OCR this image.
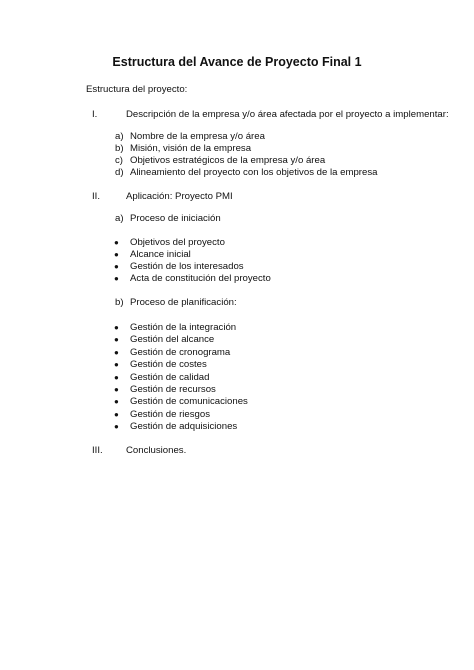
Estructura del Avance de Proyecto Final 1
Estructura del proyecto:
I.	Descripción de la empresa y/o área afectada por el proyecto a implementar:
a) Nombre de la empresa y/o área
b) Misión, visión de la empresa
c) Objetivos estratégicos de la empresa y/o área
d) Alineamiento del proyecto con los objetivos de la empresa
II.	Aplicación: Proyecto PMI
a) Proceso de iniciación
● Objetivos del proyecto
● Alcance inicial
● Gestión de los interesados
● Acta de constitución del proyecto
b) Proceso de planificación:
● Gestión de la integración
● Gestión del alcance
● Gestión de cronograma
● Gestión de costes
● Gestión de calidad
● Gestión de recursos
● Gestión de comunicaciones
● Gestión de riesgos
● Gestión de adquisiciones
III. Conclusiones.
